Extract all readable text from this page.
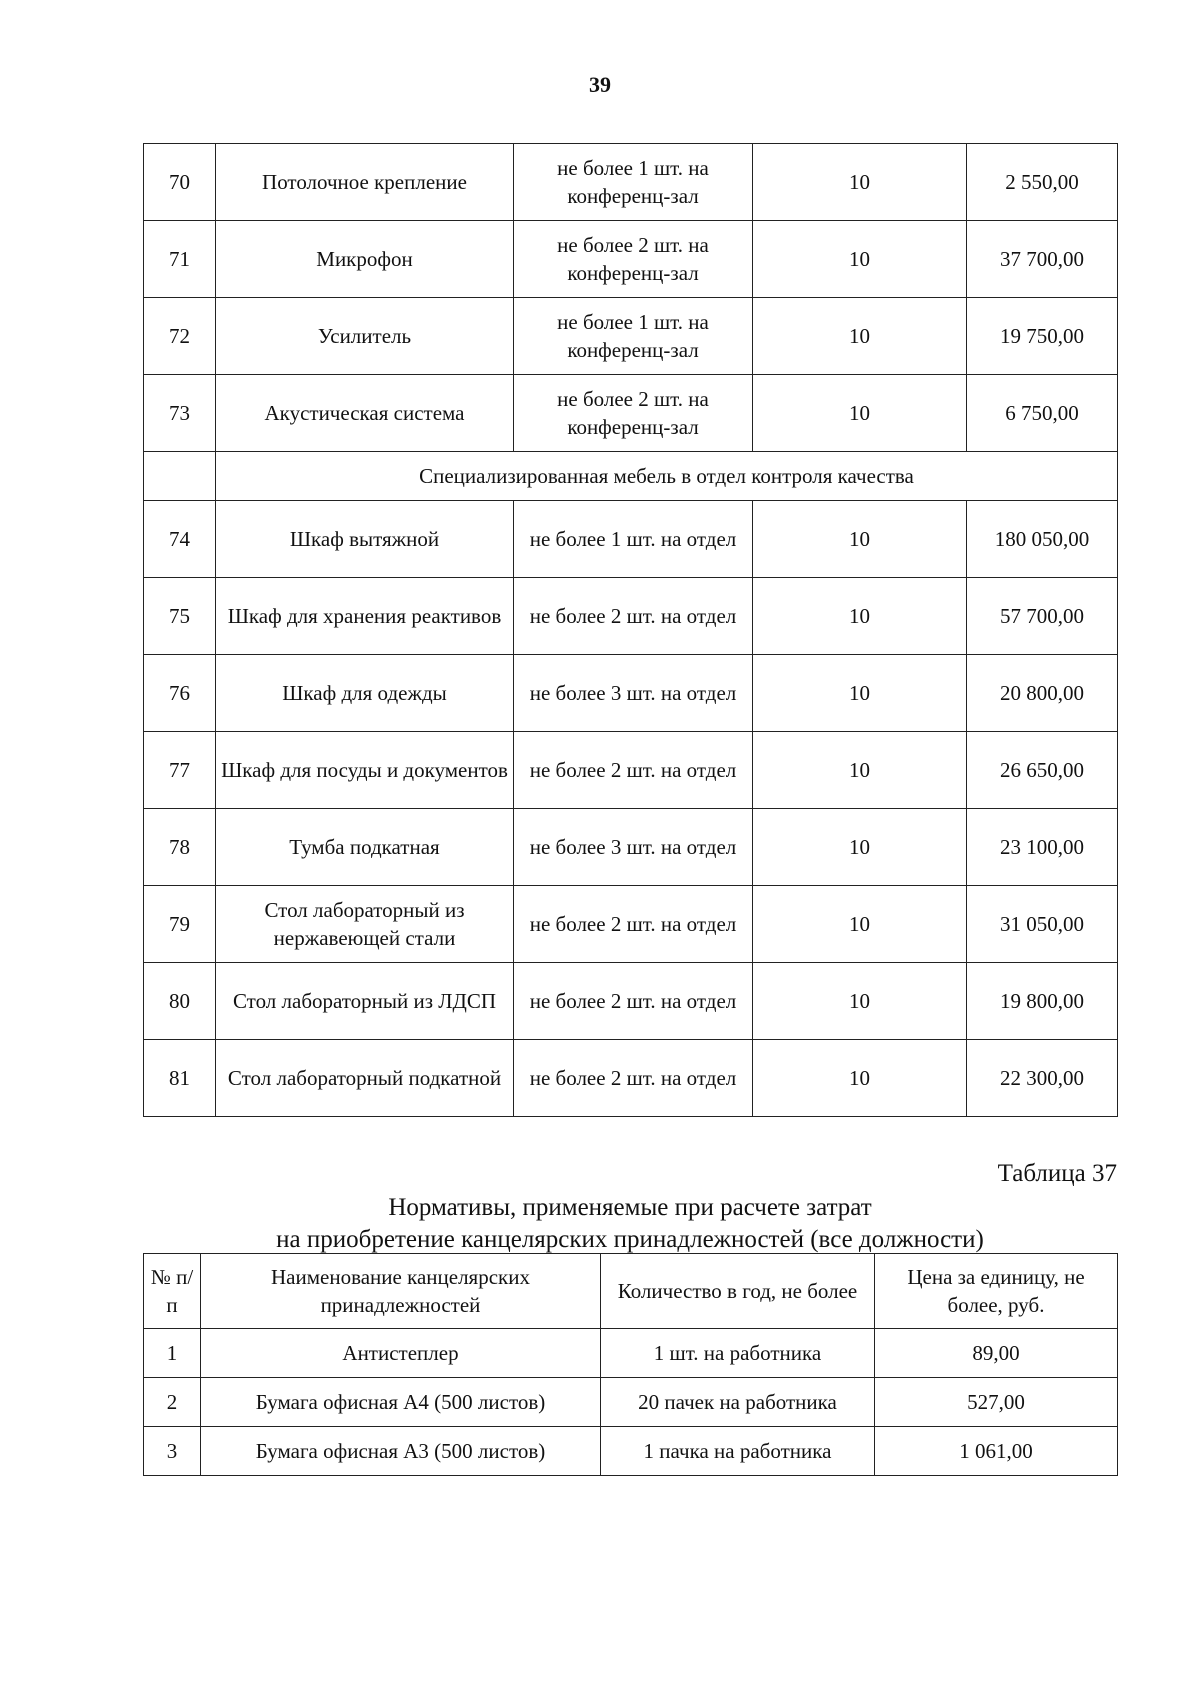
39
70	Потолочное крепление	не более 1 шт. на конференц-зал	10	2 550,00
71	Микрофон	не более 2 шт. на конференц-зал	10	37 700,00
72	Усилитель	не более 1 шт. на конференц-зал	10	19 750,00
73	Акустическая система	не более 2 шт. на конференц-зал	10	6 750,00
	Специализированная мебель в отдел контроля качества			
74	Шкаф вытяжной	не более 1 шт. на отдел	10	180 050,00
75	Шкаф для хранения реактивов	не более 2 шт. на отдел	10	57 700,00
76	Шкаф для одежды	не более 3 шт. на отдел	10	20 800,00
77	Шкаф для посуды и документов	не более 2 шт. на отдел	10	26 650,00
78	Тумба подкатная	не более 3 шт. на отдел	10	23 100,00
79	Стол лабораторный из нержавеющей стали	не более 2 шт. на отдел	10	31 050,00
80	Стол лабораторный из ЛДСП	не более 2 шт. на отдел	10	19 800,00
81	Стол лабораторный подкатной	не более 2 шт. на отдел	10	22 300,00
Таблица 37
Нормативы, применяемые при расчете затрат
на приобретение канцелярских принадлежностей (все должности)
№ п/п	Наименование канцелярских принадлежностей	Количество в год, не более	Цена за единицу, не более, руб.
1	Антистеплер	1 шт. на работника	89,00
2	Бумага офисная А4 (500 листов)	20 пачек на работника	527,00
3	Бумага офисная А3 (500 листов)	1 пачка на работника	1 061,00
